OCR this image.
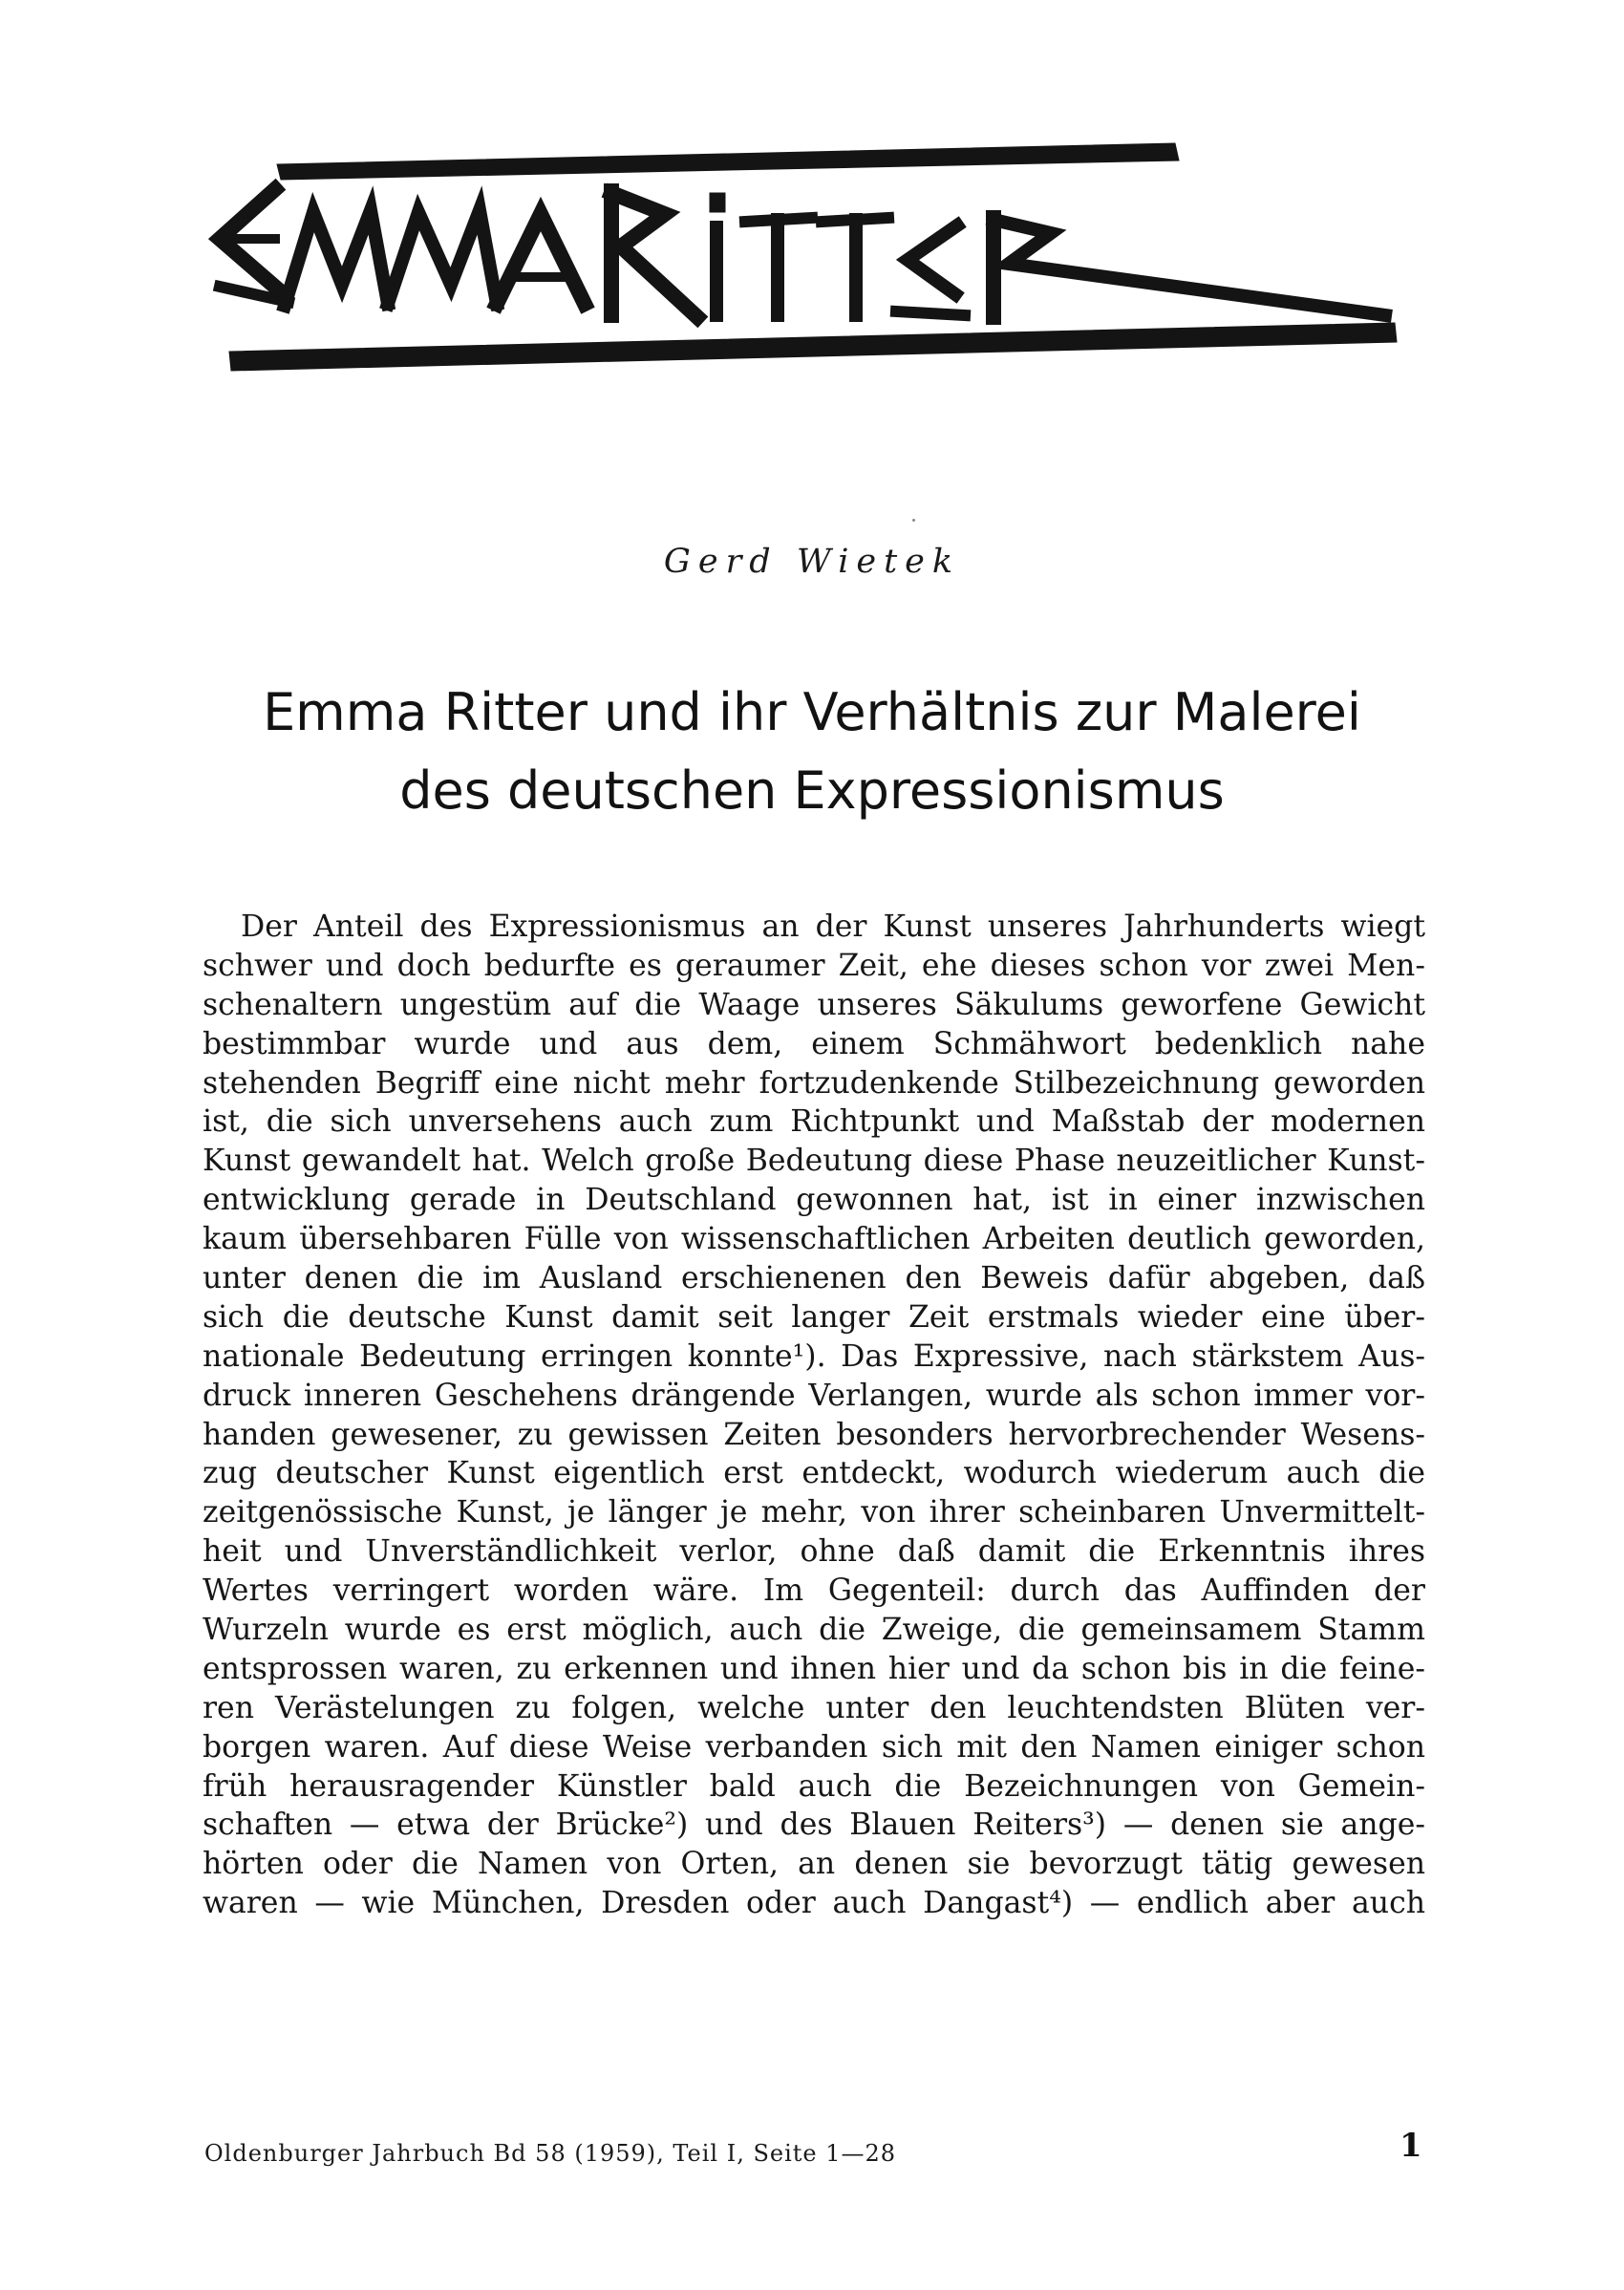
Gerd Wietek
Emma Ritter und ihr Verhältnis zur Malerei
des deutschen Expressionismus
Der Anteil des Expressionismus an der Kunst unseres Jahrhunderts wiegt
schwer und doch bedurfte es geraumer Zeit, ehe dieses schon vor zwei Men-
schenaltern ungestüm auf die Waage unseres Säkulums geworfene Gewicht
bestimmbar wurde und aus dem, einem Schmähwort bedenklich nahe
stehenden Begriff eine nicht mehr fortzudenkende Stilbezeichnung geworden
ist, die sich unversehens auch zum Richtpunkt und Maßstab der modernen
Kunst gewandelt hat. Welch große Bedeutung diese Phase neuzeitlicher Kunst-
entwicklung gerade in Deutschland gewonnen hat, ist in einer inzwischen
kaum übersehbaren Fülle von wissenschaftlichen Arbeiten deutlich geworden,
unter denen die im Ausland erschienenen den Beweis dafür abgeben, daß
sich die deutsche Kunst damit seit langer Zeit erstmals wieder eine über-
nationale Bedeutung erringen konnte¹). Das Expressive, nach stärkstem Aus-
druck inneren Geschehens drängende Verlangen, wurde als schon immer vor-
handen gewesener, zu gewissen Zeiten besonders hervorbrechender Wesens-
zug deutscher Kunst eigentlich erst entdeckt, wodurch wiederum auch die
zeitgenössische Kunst, je länger je mehr, von ihrer scheinbaren Unvermittelt-
heit und Unverständlichkeit verlor, ohne daß damit die Erkenntnis ihres
Wertes verringert worden wäre. Im Gegenteil: durch das Auffinden der
Wurzeln wurde es erst möglich, auch die Zweige, die gemeinsamem Stamm
entsprossen waren, zu erkennen und ihnen hier und da schon bis in die feine-
ren Verästelungen zu folgen, welche unter den leuchtendsten Blüten ver-
borgen waren. Auf diese Weise verbanden sich mit den Namen einiger schon
früh herausragender Künstler bald auch die Bezeichnungen von Gemein-
schaften — etwa der Brücke²) und des Blauen Reiters³) — denen sie ange-
hörten oder die Namen von Orten, an denen sie bevorzugt tätig gewesen
waren — wie München, Dresden oder auch Dangast⁴) — endlich aber auch
Oldenburger Jahrbuch Bd 58 (1959), Teil I, Seite 1—28	1
